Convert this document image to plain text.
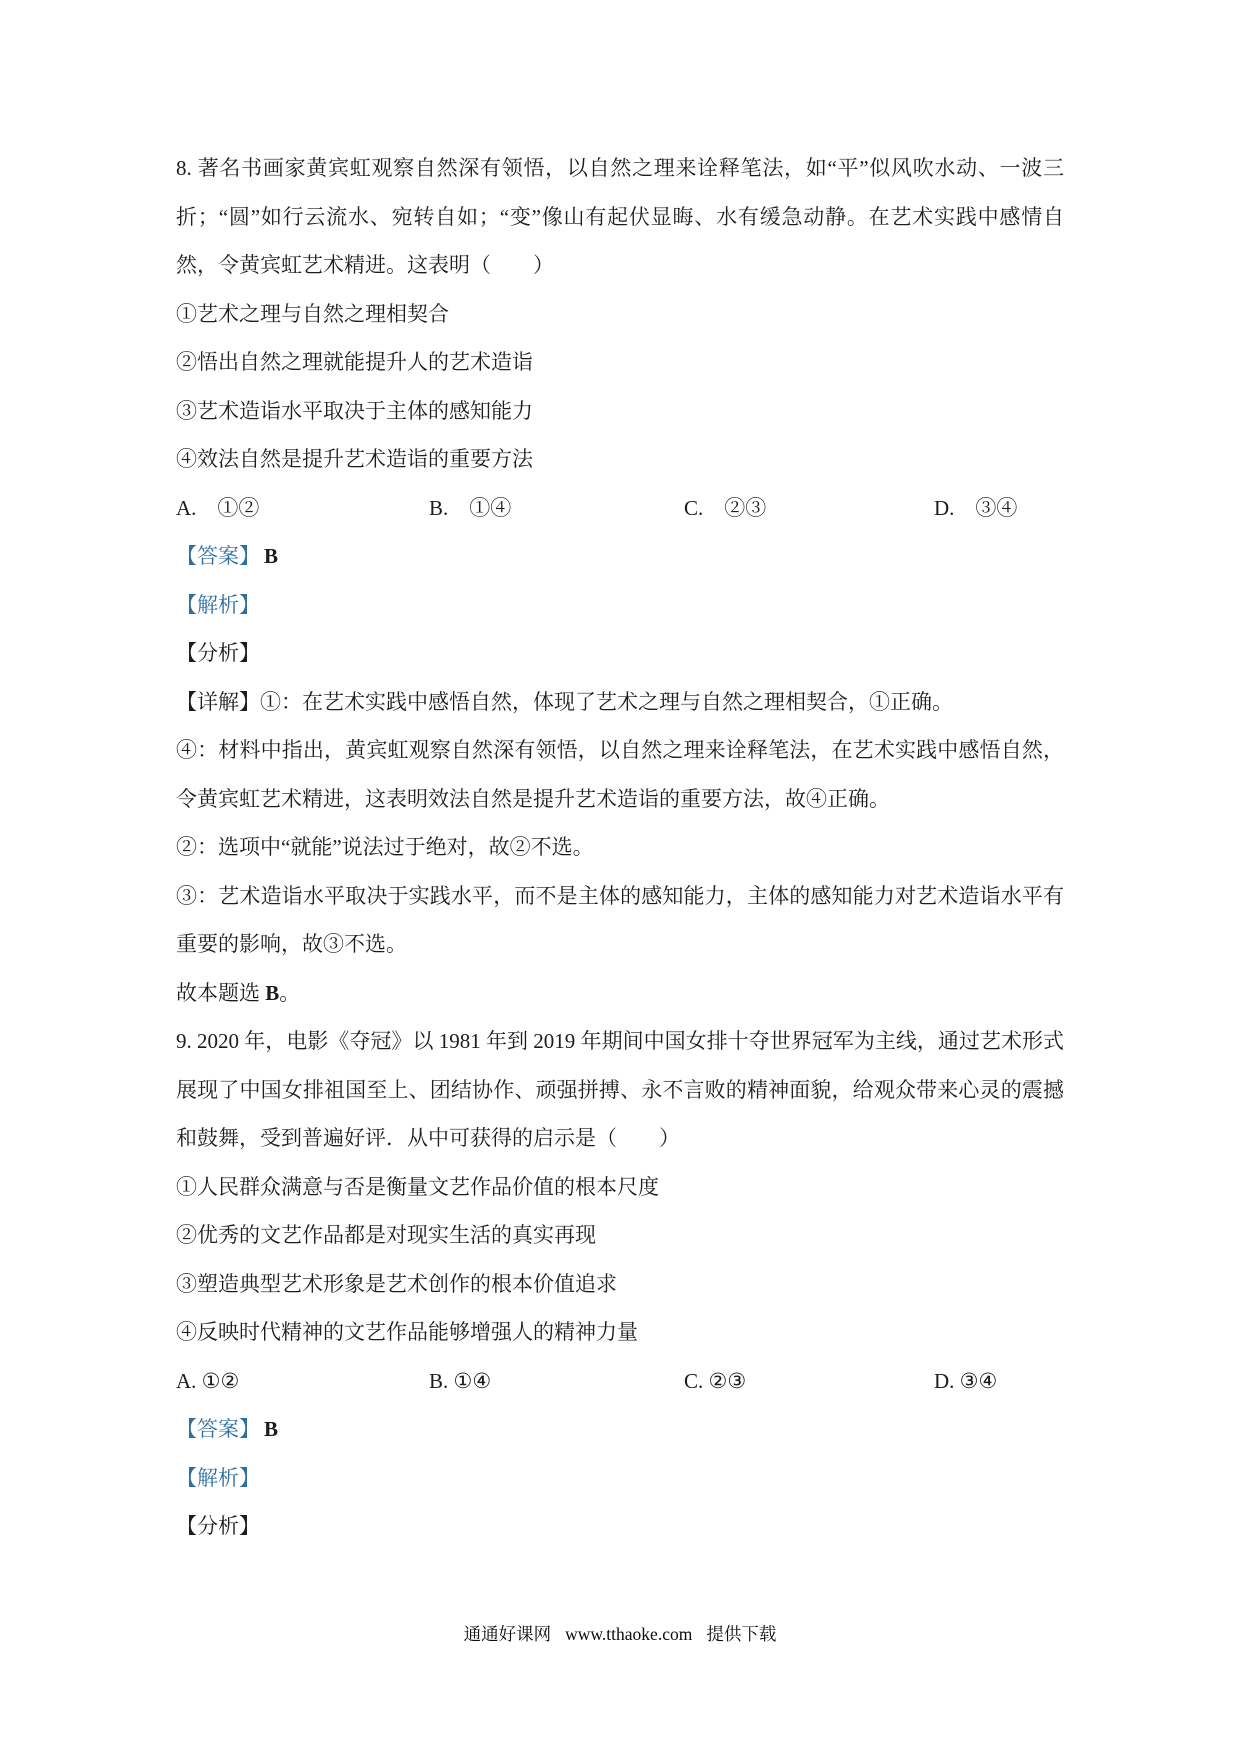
8. 著名书画家黄宾虹观察自然深有领悟，以自然之理来诠释笔法，如“平”似风吹水动、一波三折；“圆”如行云流水、宛转自如；“变”像山有起伏显晦、水有缓急动静。在艺术实践中感情自然，令黄宾虹艺术精进。这表明（　　）

①艺术之理与自然之理相契合

②悟出自然之理就能提升人的艺术造诣

③艺术造诣水平取决于主体的感知能力

④效法自然是提升艺术造诣的重要方法

A.　①②	B.　①④	C.　②③	D.　③④

【答案】 B

【解析】

【分析】

【详解】①：在艺术实践中感悟自然，体现了艺术之理与自然之理相契合，①正确。

④：材料中指出，黄宾虹观察自然深有领悟，以自然之理来诠释笔法，在艺术实践中感悟自然，令黄宾虹艺术精进，这表明效法自然是提升艺术造诣的重要方法，故④正确。

②：选项中“就能”说法过于绝对，故②不选。

③：艺术造诣水平取决于实践水平，而不是主体的感知能力，主体的感知能力对艺术造诣水平有重要的影响，故③不选。

故本题选 B。

9. 2020 年，电影《夺冠》以 1981 年到 2019 年期间中国女排十夺世界冠军为主线，通过艺术形式展现了中国女排祖国至上、团结协作、顽强拼搏、永不言败的精神面貌，给观众带来心灵的震撼和鼓舞，受到普遍好评．从中可获得的启示是（　　）

①人民群众满意与否是衡量文艺作品价值的根本尺度

②优秀的文艺作品都是对现实生活的真实再现

③塑造典型艺术形象是艺术创作的根本价值追求

④反映时代精神的文艺作品能够增强人的精神力量

A. ①②	B. ①④	C. ②③	D. ③④

【答案】 B

【解析】

【分析】

通通好课网 www.tthaoke.com 提供下载
